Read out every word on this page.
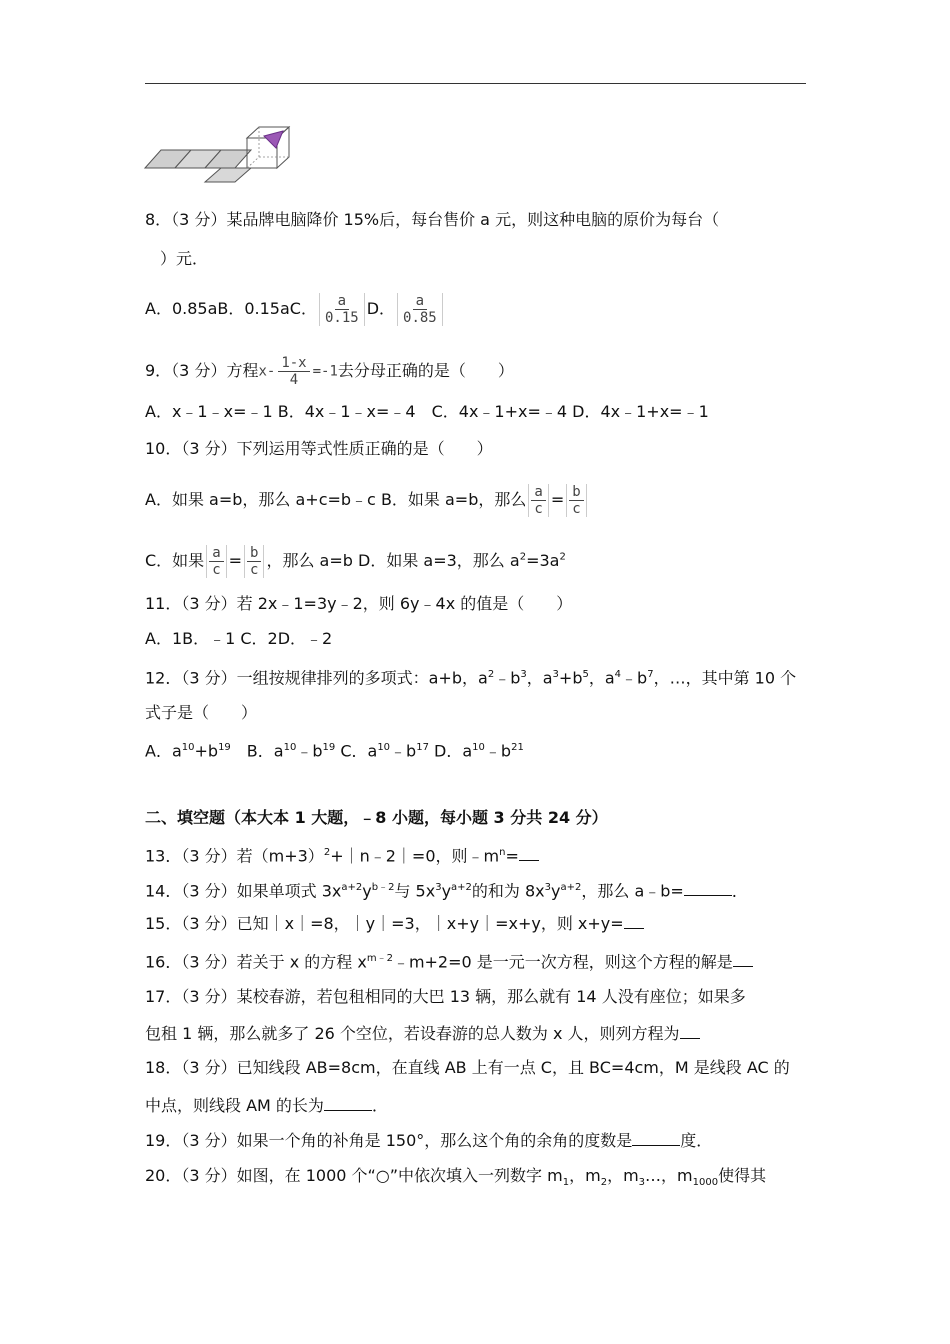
8．（3 分）某品牌电脑降价 15%后，每台售价 a 元，则这种电脑的原价为每台（
）元．
A．0.85aB．0.15aC． $\frac{a}{0.15}$ D． $\frac{a}{0.85}$
9．（3 分）方程$x- \frac{1-x}{4} =-1$去分母正确的是（　　）
A．x﹣1﹣x=﹣1 B．4x﹣1﹣x=﹣4　C．4x﹣1+x=﹣4 D．4x﹣1+x=﹣1
10．（3 分）下列运用等式性质正确的是（　　）
A．如果 a=b，那么 a+c=b﹣c B．如果 a=b，那么 $\frac{a}{c} = \frac{b}{c}$
C．如果 $\frac{a}{c} = \frac{b}{c}$ ，那么 a=b D．如果 a=3，那么 $a^2=3a^2$
11．（3 分）若 2x﹣1=3y﹣2，则 6y﹣4x 的值是（　　）
A．1B．﹣1 C．2D．﹣2
12．（3 分）一组按规律排列的多项式：a+b，$a^2﹣b^3$，$a^3+b^5$，$a^4﹣b^7$，…，其中第 10 个
式子是（　　）
A．$a^{10}+b^{19}$　B．$a^{10}﹣b^{19}$ C．$a^{10}﹣b^{17}$ D．$a^{10}﹣b^{21}$
二、填空题（本大本 1 大题，﹣8 小题，每小题 3 分共 24 分）
13．（3 分）若$(m+3)^2+|n﹣2|=0$，则$﹣m^n=$
14．（3 分）如果单项式 $3x^{a+2}y^{b﹣2}$与 $5x^3y^{a+2}$的和为 $8x^3y^{a+2}$，那么 a﹣b=	．
15．（3 分）已知｜x｜=8，｜y｜=3，｜x+y｜=x+y，则 x+y=
16．（3 分）若关于 x 的方程 $x^{m﹣2}﹣m+2=0$ 是一元一次方程，则这个方程的解是
17．（3 分）某校春游，若包租相同的大巴 13 辆，那么就有 14 人没有座位；如果多
包租 1 辆，那么就多了 26 个空位，若设春游的总人数为 x 人，则列方程为
18．（3 分）已知线段 AB=8cm，在直线 AB 上有一点 C，且 BC=4cm，M 是线段 AC 的
中点，则线段 AM 的长为	．
19．（3 分）如果一个角的补角是 150°，那么这个角的余角的度数是	度．
20．（3 分）如图，在 1000 个“○”中依次填入一列数字 $m_1$，$m_2$，$m_3\dots$，$m_{1000}$使得其
